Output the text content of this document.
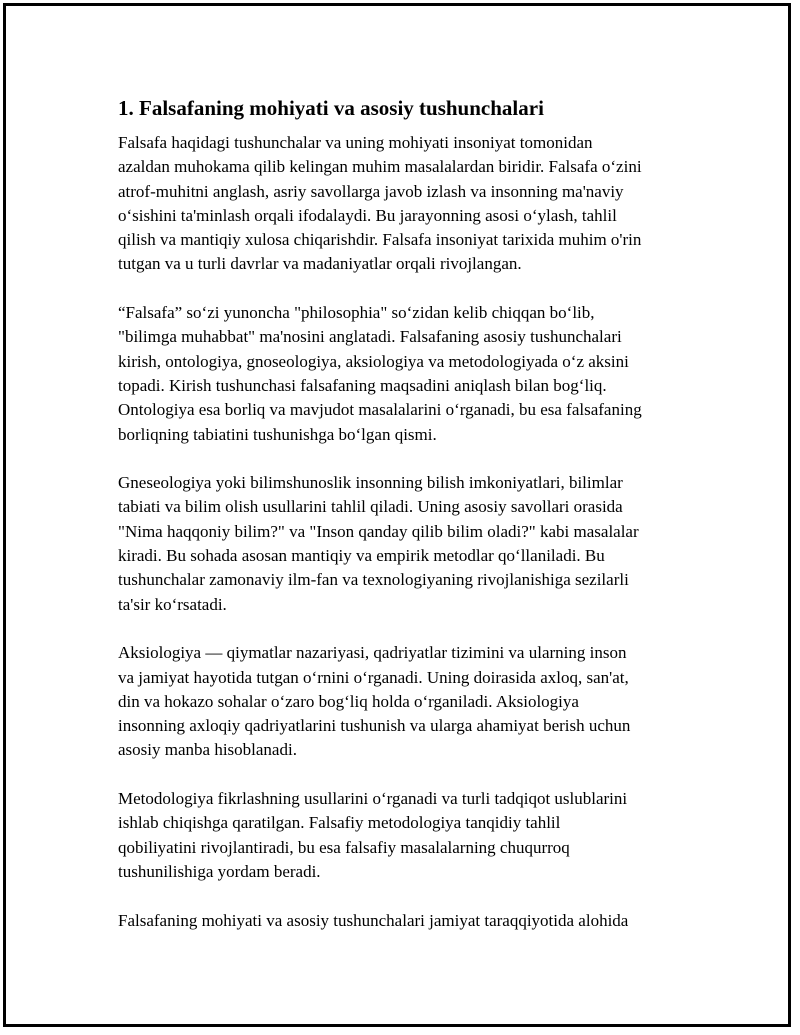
1. Falsafaning mohiyati va asosiy tushunchalari

Falsafa haqidagi tushunchalar va uning mohiyati insoniyat tomonidan
azaldan muhokama qilib kelingan muhim masalalardan biridir. Falsafa o‘zini
atrof-muhitni anglash, asriy savollarga javob izlash va insonning ma'naviy
o‘sishini ta'minlash orqali ifodalaydi. Bu jarayonning asosi o‘ylash, tahlil
qilish va mantiqiy xulosa chiqarishdir. Falsafa insoniyat tarixida muhim o'rin
tutgan va u turli davrlar va madaniyatlar orqali rivojlangan.

“Falsafa” so‘zi yunoncha "philosophia" so‘zidan kelib chiqqan bo‘lib,
"bilimga muhabbat" ma'nosini anglatadi. Falsafaning asosiy tushunchalari
kirish, ontologiya, gnoseologiya, aksiologiya va metodologiyada o‘z aksini
topadi. Kirish tushunchasi falsafaning maqsadini aniqlash bilan bog‘liq.
Ontologiya esa borliq va mavjudot masalalarini o‘rganadi, bu esa falsafaning
borliqning tabiatini tushunishga bo‘lgan qismi.

Gneseologiya yoki bilimshunoslik insonning bilish imkoniyatlari, bilimlar
tabiati va bilim olish usullarini tahlil qiladi. Uning asosiy savollari orasida
"Nima haqqoniy bilim?" va "Inson qanday qilib bilim oladi?" kabi masalalar
kiradi. Bu sohada asosan mantiqiy va empirik metodlar qo‘llaniladi. Bu
tushunchalar zamonaviy ilm-fan va texnologiyaning rivojlanishiga sezilarli
ta'sir ko‘rsatadi.

Aksiologiya — qiymatlar nazariyasi, qadriyatlar tizimini va ularning inson
va jamiyat hayotida tutgan o‘rnini o‘rganadi. Uning doirasida axloq, san'at,
din va hokazo sohalar o‘zaro bog‘liq holda o‘rganiladi. Aksiologiya
insonning axloqiy qadriyatlarini tushunish va ularga ahamiyat berish uchun
asosiy manba hisoblanadi.

Metodologiya fikrlashning usullarini o‘rganadi va turli tadqiqot uslublarini
ishlab chiqishga qaratilgan. Falsafiy metodologiya tanqidiy tahlil
qobiliyatini rivojlantiradi, bu esa falsafiy masalalarning chuqurroq
tushunilishiga yordam beradi.

Falsafaning mohiyati va asosiy tushunchalari jamiyat taraqqiyotida alohida
